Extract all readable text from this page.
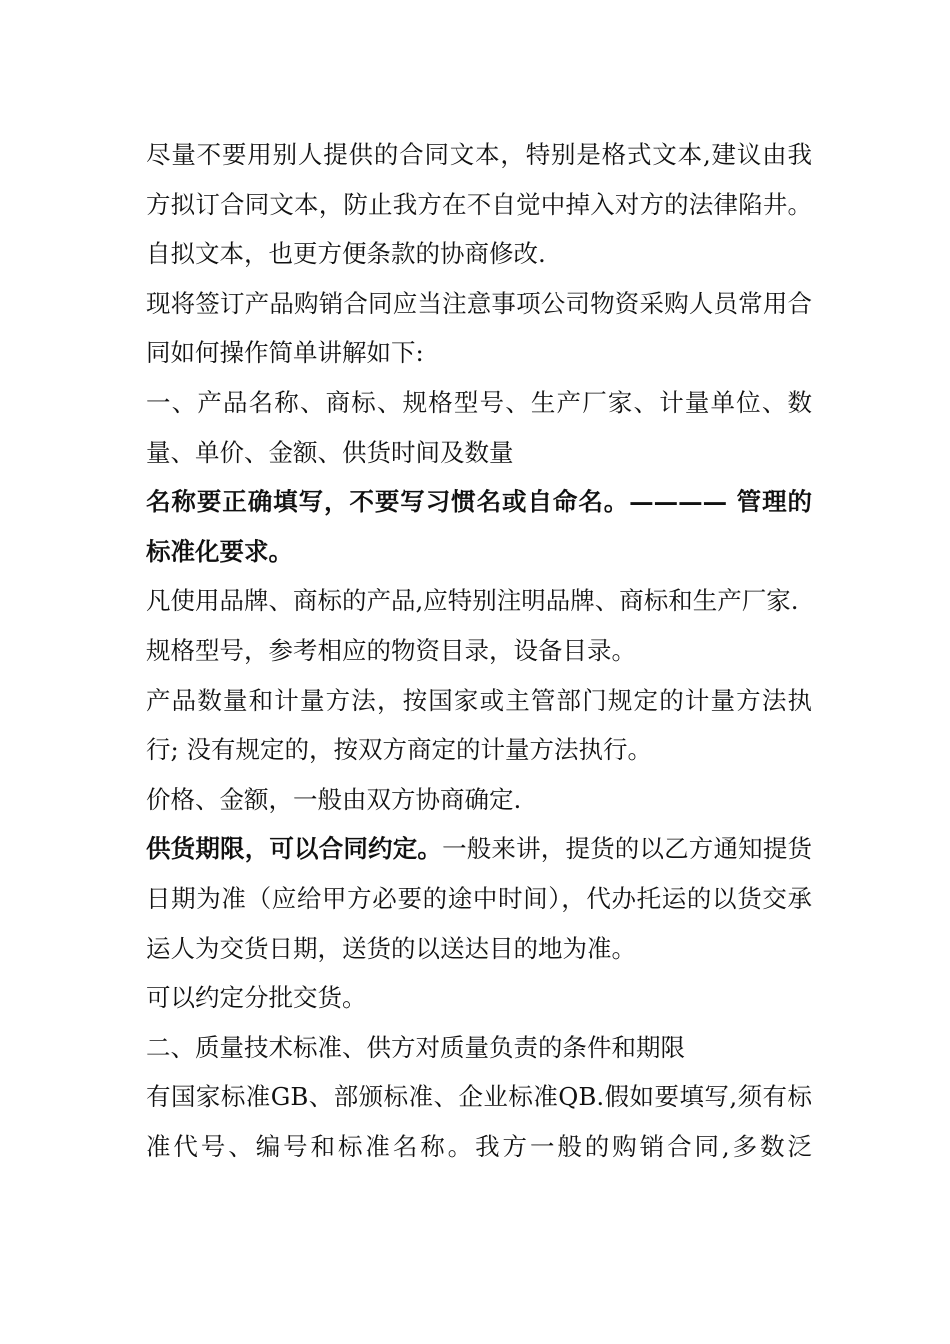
尽量不要用别人提供的合同文本，特别是格式文本,建议由我方拟订合同文本，防止我方在不自觉中掉入对方的法律陷井。自拟文本，也更方便条款的协商修改.

现将签订产品购销合同应当注意事项公司物资采购人员常用合同如何操作简单讲解如下:

一、产品名称、商标、规格型号、生产厂家、计量单位、数量、单价、金额、供货时间及数量

名称要正确填写，不要写习惯名或自命名。———— 管理的标准化要求。

凡使用品牌、商标的产品,应特别注明品牌、商标和生产厂家.

规格型号，参考相应的物资目录，设备目录。

产品数量和计量方法，按国家或主管部门规定的计量方法执行; 没有规定的，按双方商定的计量方法执行。

价格、金额，一般由双方协商确定.

供货期限，可以合同约定。一般来讲，提货的以乙方通知提货日期为准（应给甲方必要的途中时间），代办托运的以货交承运人为交货日期，送货的以送达目的地为准。

可以约定分批交货。

二、质量技术标准、供方对质量负责的条件和期限

有国家标准GB、部颁标准、企业标准QB.假如要填写,须有标准代号、编号和标准名称。我方一般的购销合同,多数泛
